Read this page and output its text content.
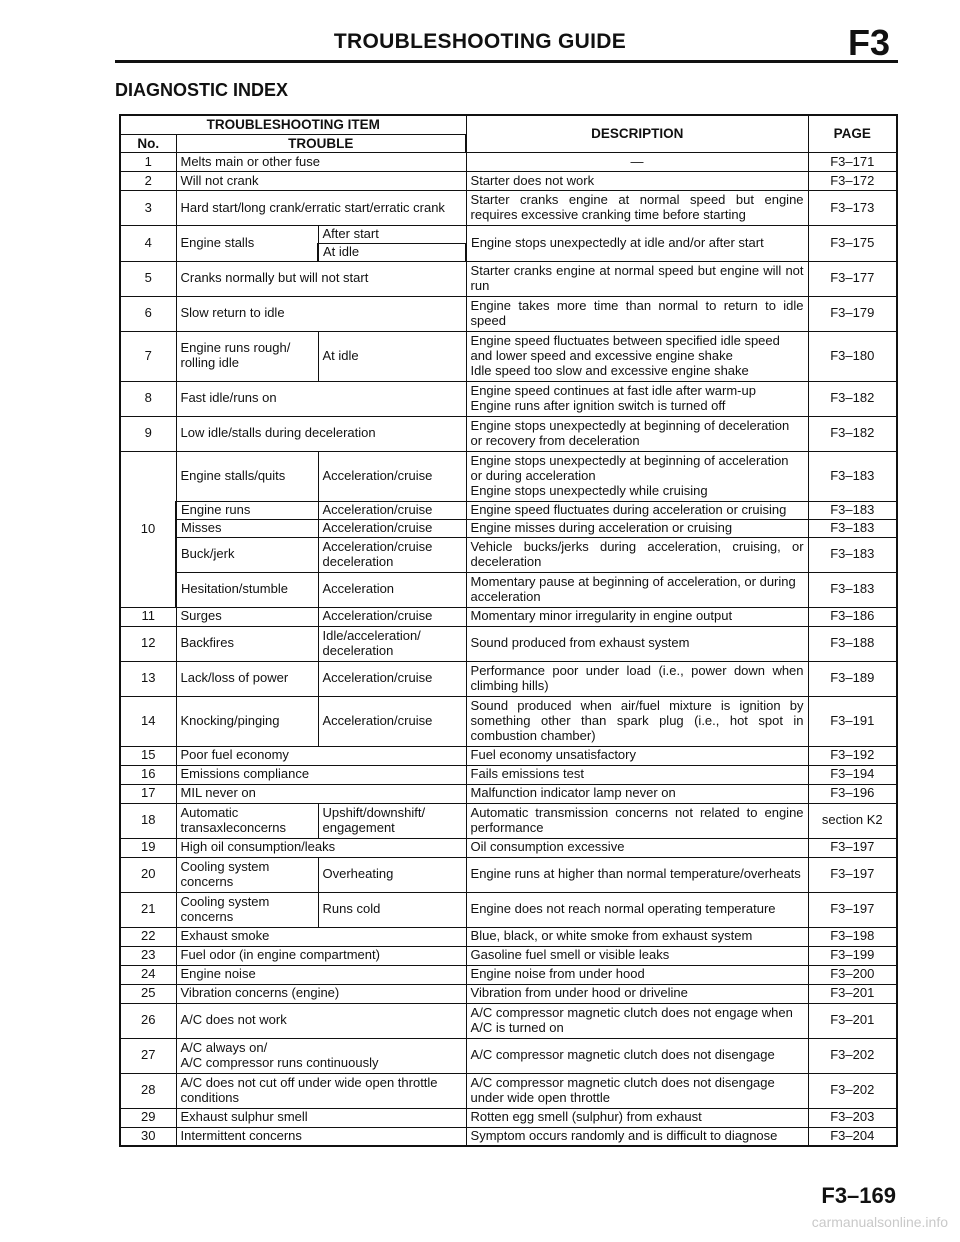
TROUBLESHOOTING GUIDE	F3
DIAGNOSTIC INDEX
TROUBLESHOOTING ITEM			DESCRIPTION	PAGE
No.	TROUBLE			
1	Melts main or other fuse		—	F3–171
2	Will not crank		Starter does not work	F3–172
3	Hard start/long crank/erratic start/erratic crank		Starter cranks engine at normal speed but engine requires excessive cranking time before starting	F3–173
4	Engine stalls	After start	Engine stops unexpectedly at idle and/or after start	F3–175
		At idle		
5	Cranks normally but will not start		Starter cranks engine at normal speed but engine will not run	F3–177
6	Slow return to idle		Engine takes more time than normal to return to idle speed	F3–179
7	Engine runs rough/ rolling idle	At idle	Engine speed fluctuates between specified idle speed and lower speed and excessive engine shake
Idle speed too slow and excessive engine shake	F3–180
8	Fast idle/runs on		Engine speed continues at fast idle after warm-up
Engine runs after ignition switch is turned off	F3–182
9	Low idle/stalls during deceleration		Engine stops unexpectedly at beginning of deceleration or recovery from deceleration	F3–182
10	Engine stalls/quits	Acceleration/cruise	Engine stops unexpectedly at beginning of acceleration or during acceleration
Engine stops unexpectedly while cruising	F3–183
	Engine runs	Acceleration/cruise	Engine speed fluctuates during acceleration or cruising	F3–183
	Misses	Acceleration/cruise	Engine misses during acceleration or cruising	F3–183
	Buck/jerk	Acceleration/cruise deceleration	Vehicle bucks/jerks during acceleration, cruising, or deceleration	F3–183
	Hesitation/stumble	Acceleration	Momentary pause at beginning of acceleration, or during acceleration	F3–183
11	Surges	Acceleration/cruise	Momentary minor irregularity in engine output	F3–186
12	Backfires	Idle/acceleration/ deceleration	Sound produced from exhaust system	F3–188
13	Lack/loss of power	Acceleration/cruise	Performance poor under load (i.e., power down when climbing hills)	F3–189
14	Knocking/pinging	Acceleration/cruise	Sound produced when air/fuel mixture is ignition by something other than spark plug (i.e., hot spot in combustion chamber)	F3–191
15	Poor fuel economy		Fuel economy unsatisfactory	F3–192
16	Emissions compliance		Fails emissions test	F3–194
17	MIL never on		Malfunction indicator lamp never on	F3–196
18	Automatic transaxleconcerns	Upshift/downshift/ engagement	Automatic transmission concerns not related to engine performance	section K2
19	High oil consumption/leaks		Oil consumption excessive	F3–197
20	Cooling system concerns	Overheating	Engine runs at higher than normal temperature/overheats	F3–197
21	Cooling system concerns	Runs cold	Engine does not reach normal operating temperature	F3–197
22	Exhaust smoke		Blue, black, or white smoke from exhaust system	F3–198
23	Fuel odor (in engine compartment)		Gasoline fuel smell or visible leaks	F3–199
24	Engine noise		Engine noise from under hood	F3–200
25	Vibration concerns (engine)		Vibration from under hood or driveline	F3–201
26	A/C does not work		A/C compressor magnetic clutch does not engage when A/C is turned on	F3–201
27	A/C always on/
A/C compressor runs continuously		A/C compressor magnetic clutch does not disengage	F3–202
28	A/C does not cut off under wide open throttle conditions		A/C compressor magnetic clutch does not disengage under wide open throttle	F3–202
29	Exhaust sulphur smell		Rotten egg smell (sulphur) from exhaust	F3–203
30	Intermittent concerns		Symptom occurs randomly and is difficult to diagnose	F3–204
F3–169
carmanualsonline.info
